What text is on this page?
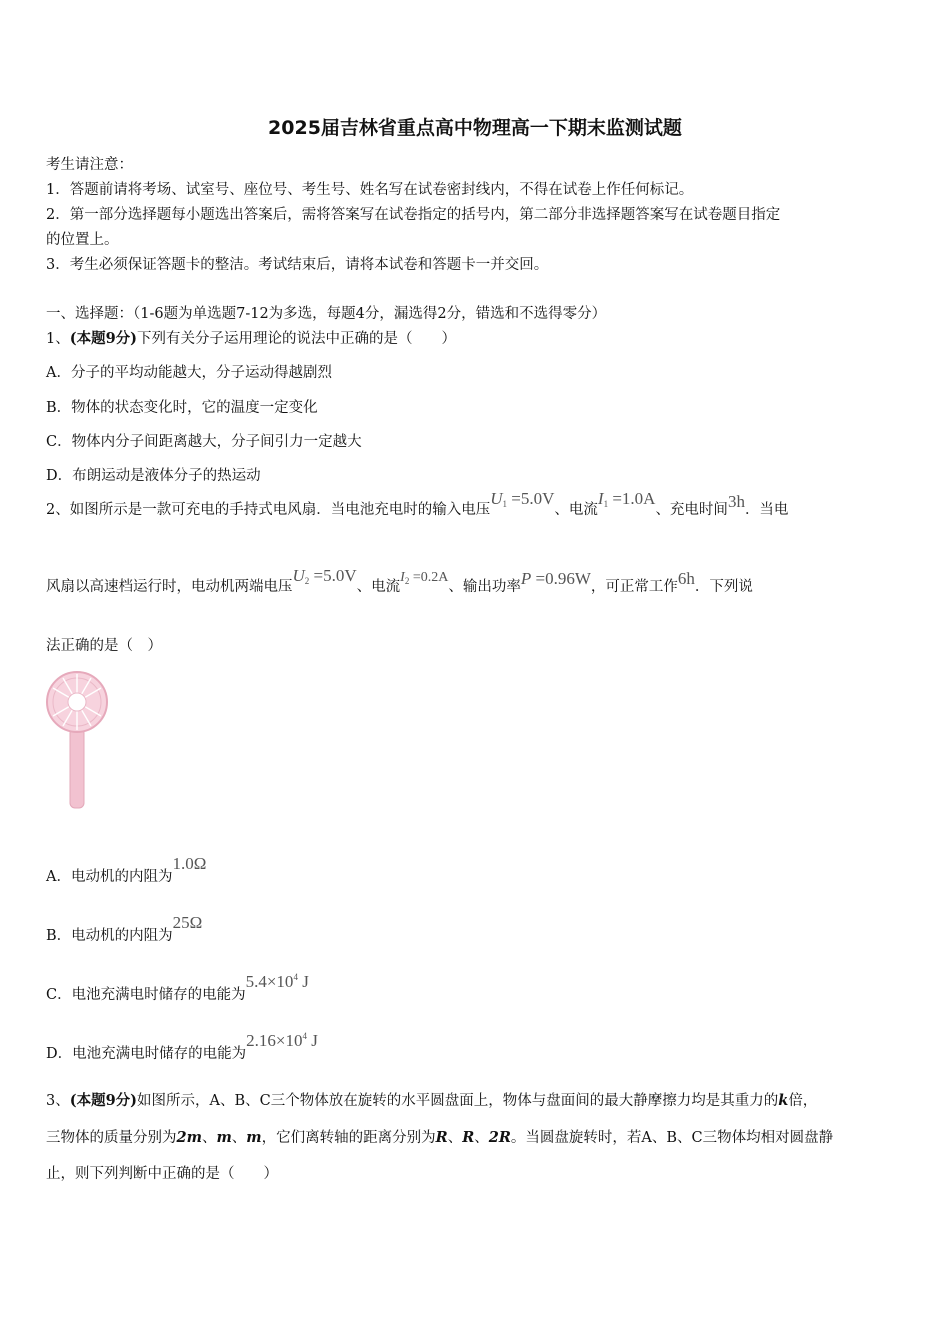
2025届吉林省重点高中物理高一下期末监测试题
考生请注意：
1．答题前请将考场、试室号、座位号、考生号、姓名写在试卷密封线内，不得在试卷上作任何标记。
2．第一部分选择题每小题选出答案后，需将答案写在试卷指定的括号内，第二部分非选择题答案写在试卷题目指定
的位置上。
3．考生必须保证答题卡的整洁。考试结束后，请将本试卷和答题卡一并交回。
一、选择题：（1-6题为单选题7-12为多选，每题4分，漏选得2分，错选和不选得零分）
1、(本题9分)下列有关分子运用理论的说法中正确的是（　　）
A．分子的平均动能越大，分子运动得越剧烈
B．物体的状态变化时，它的温度一定变化
C．物体内分子间距离越大，分子间引力一定越大
D．布朗运动是液体分子的热运动
2、如图所示是一款可充电的手持式电风扇．当电池充电时的输入电压$U_1 =5.0V$、电流$I_1 =1.0A$、充电时间3h．当电
风扇以高速档运行时，电动机两端电压$U_2 =5.0V$、电流$I_2 =0.2A$、输出功率P =0.96W，可正常工作6h．下列说
法正确的是（　）
A．电动机的内阻为1.0Ω
B．电动机的内阻为25Ω
C．电池充满电时储存的电能为$5.4\times 10^4$ J
D．电池充满电时储存的电能为$2.16\times 10^4$ J
3、(本题9分)如图所示，A、B、C三个物体放在旋转的水平圆盘面上，物体与盘面间的最大静摩擦力均是其重力的k倍，
三物体的质量分别为2m、m、m，它们离转轴的距离分别为R、R、2R。当圆盘旋转时，若A、B、C三物体均相对圆盘静
止，则下列判断中正确的是（　　）
